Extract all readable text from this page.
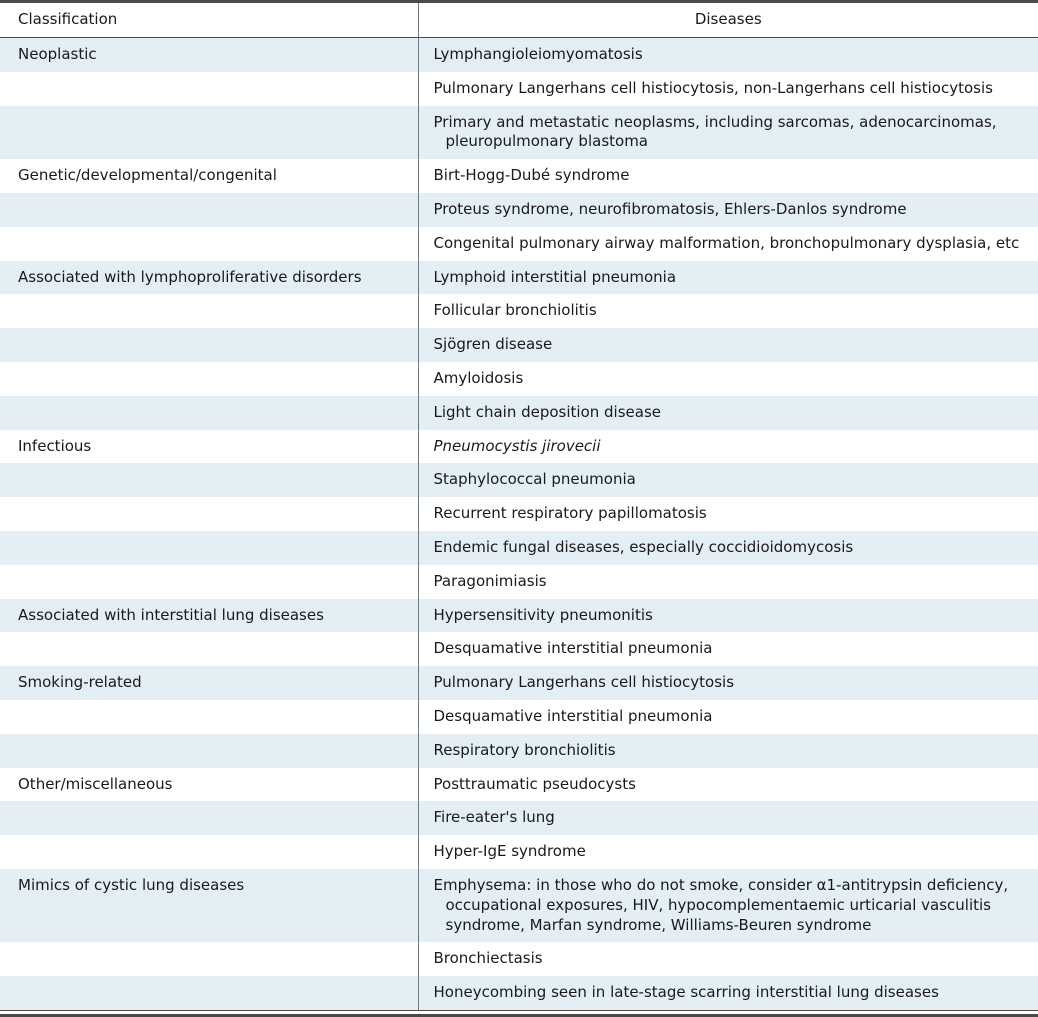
Classification	Diseases
Neoplastic	Lymphangioleiomyomatosis

	Pulmonary Langerhans cell histiocytosis, non-Langerhans cell histiocytosis

	Primary and metastatic neoplasms, including sarcomas, adenocarcinomas, pleuropulmonary blastoma

Genetic/developmental/congenital	Birt-Hogg-Dubé syndrome

	Proteus syndrome, neurofibromatosis, Ehlers-Danlos syndrome

	Congenital pulmonary airway malformation, bronchopulmonary dysplasia, etc

Associated with lymphoproliferative disorders	Lymphoid interstitial pneumonia

	Follicular bronchiolitis

	Sjögren disease

	Amyloidosis

	Light chain deposition disease

Infectious	Pneumocystis jirovecii

	Staphylococcal pneumonia

	Recurrent respiratory papillomatosis

	Endemic fungal diseases, especially coccidioidomycosis

	Paragonimiasis

Associated with interstitial lung diseases	Hypersensitivity pneumonitis

	Desquamative interstitial pneumonia

Smoking-related	Pulmonary Langerhans cell histiocytosis

	Desquamative interstitial pneumonia

	Respiratory bronchiolitis

Other/miscellaneous	Posttraumatic pseudocysts

	Fire-eater's lung

	Hyper-IgE syndrome

Mimics of cystic lung diseases	Emphysema: in those who do not smoke, consider α1-antitrypsin deficiency, occupational exposures, HIV, hypocomplementaemic urticarial vasculitis syndrome, Marfan syndrome, Williams-Beuren syndrome

	Bronchiectasis

	Honeycombing seen in late-stage scarring interstitial lung diseases
